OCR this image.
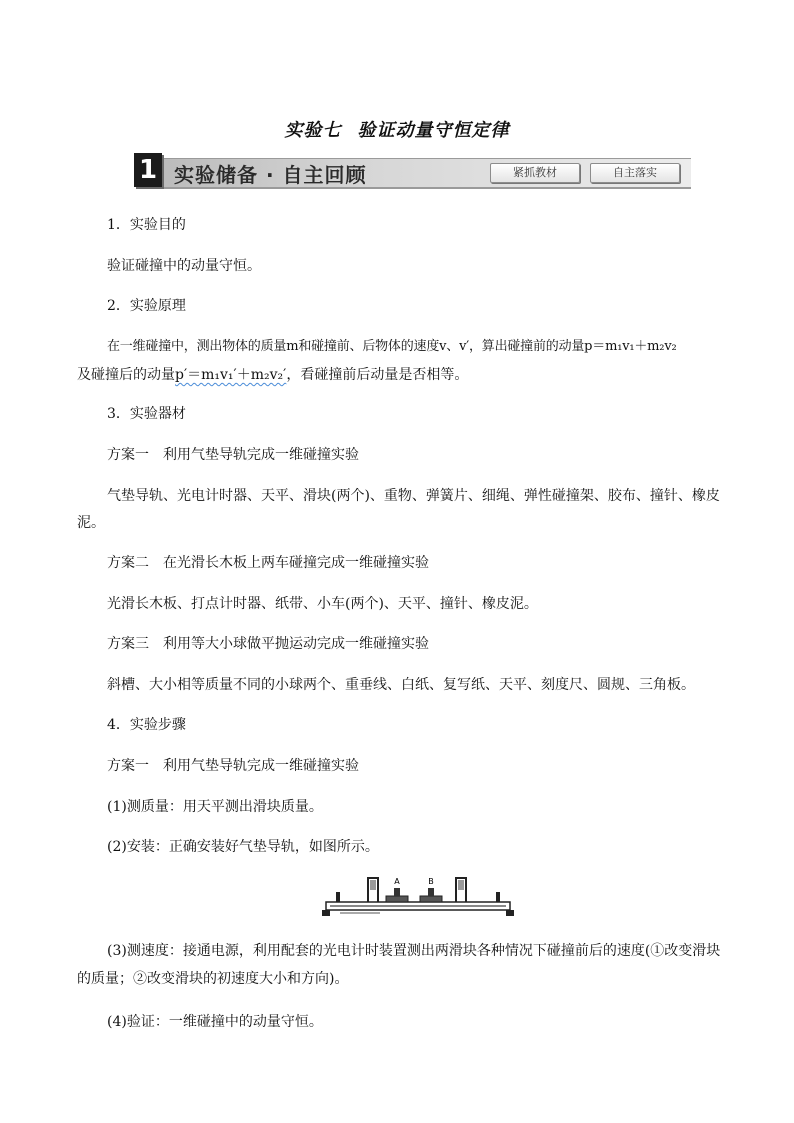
实验七 验证动量守恒定律
1 实验储备 · 自主回顾	紧抓教材	自主落实
1．实验目的
验证碰撞中的动量守恒。
2．实验原理
在一维碰撞中，测出物体的质量m和碰撞前、后物体的速度v、v′，算出碰撞前的动量p＝m₁v₁＋m₂v₂
及碰撞后的动量p′＝m₁v₁′＋m₂v₂′，看碰撞前后动量是否相等。
3．实验器材
方案一　利用气垫导轨完成一维碰撞实验
气垫导轨、光电计时器、天平、滑块(两个)、重物、弹簧片、细绳、弹性碰撞架、胶布、撞针、橡皮
泥。
方案二　在光滑长木板上两车碰撞完成一维碰撞实验
光滑长木板、打点计时器、纸带、小车(两个)、天平、撞针、橡皮泥。
方案三　利用等大小球做平抛运动完成一维碰撞实验
斜槽、大小相等质量不同的小球两个、重垂线、白纸、复写纸、天平、刻度尺、圆规、三角板。
4．实验步骤
方案一　利用气垫导轨完成一维碰撞实验
(1)测质量：用天平测出滑块质量。
(2)安装：正确安装好气垫导轨，如图所示。
A	B
(3)测速度：接通电源，利用配套的光电计时装置测出两滑块各种情况下碰撞前后的速度(①改变滑块
的质量；②改变滑块的初速度大小和方向)。
(4)验证：一维碰撞中的动量守恒。
